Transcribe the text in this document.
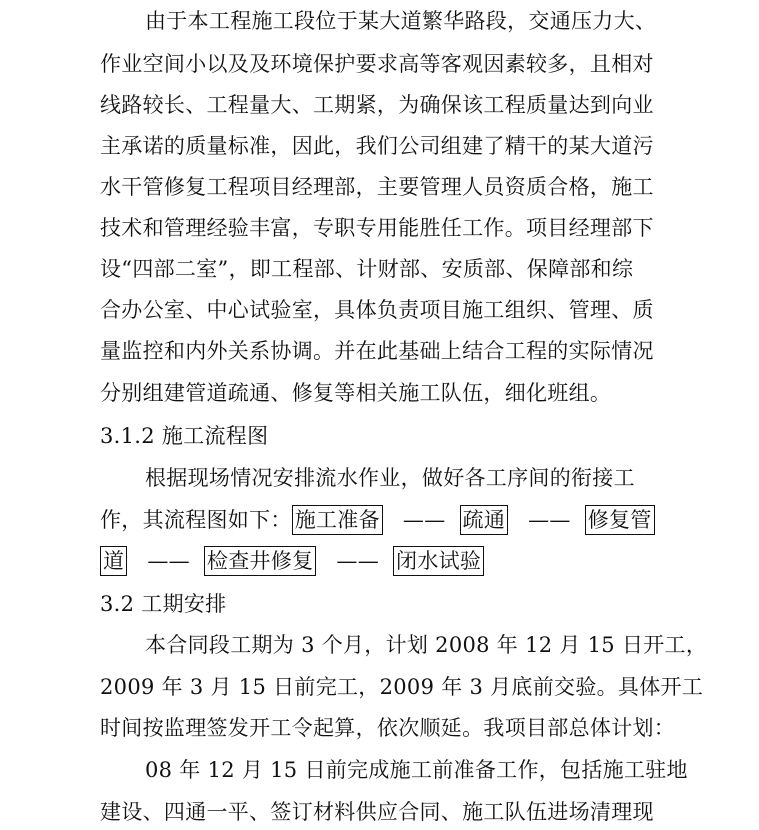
由于本工程施工段位于某大道繁华路段，交通压力大、
作业空间小以及及环境保护要求高等客观因素较多，且相对
线路较长、工程量大、工期紧，为确保该工程质量达到向业
主承诺的质量标准，因此，我们公司组建了精干的某大道污
水干管修复工程项目经理部，主要管理人员资质合格，施工
技术和管理经验丰富，专职专用能胜任工作。项目经理部下
设“四部二室”，即工程部、计财部、安质部、保障部和综
合办公室、中心试验室，具体负责项目施工组织、管理、质
量监控和内外关系协调。并在此基础上结合工程的实际情况
分别组建管道疏通、修复等相关施工队伍，细化班组。
3.1.2 施工流程图
根据现场情况安排流水作业，做好各工序间的衔接工
作，其流程图如下： 施工准备 —— 疏通 —— 修复管
道 —— 检查井修复 —— 闭水试验
3.2 工期安排
本合同段工期为 3 个月，计划 2008 年 12 月 15 日开工，
2009 年 3 月 15 日前完工，2009 年 3 月底前交验。具体开工
时间按监理签发开工令起算，依次顺延。我项目部总体计划：
08 年 12 月 15 日前完成施工前准备工作，包括施工驻地
建设、四通一平、签订材料供应合同、施工队伍进场清理现
